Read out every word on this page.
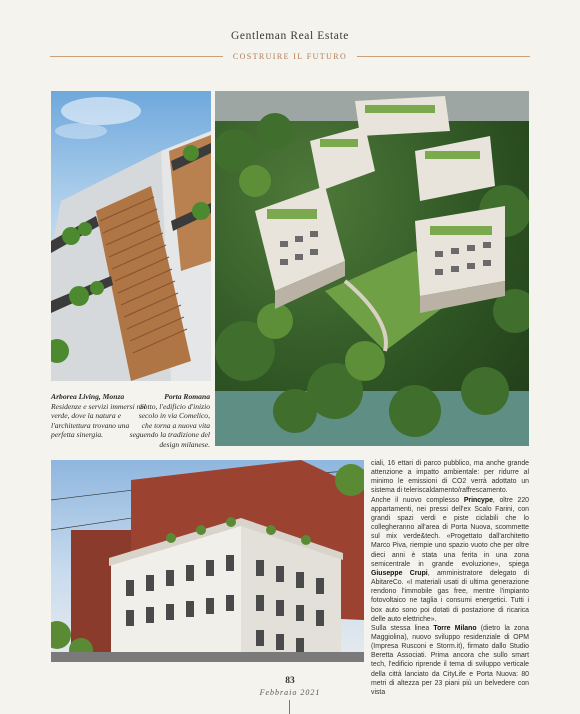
Gentleman Real Estate
COSTRUIRE IL FUTURO
Arborea Living, Monza
Residenze e servizi immersi nel verde, dove la natura e l'architettura trovano una perfetta sinergia.
Porta Romana
Sotto, l'edificio d'inizio secolo in via Comelico, che torna a nuova vita seguendo la tradizione del design milanese.

ciali, 16 ettari di parco pubblico, ma anche grande attenzione a impatto ambientale: per ridurre al minimo le emissioni di CO2 verrà adottato un sistema di teleriscaldamento/raffrescamento.

Anche il nuovo complesso Princype, oltre 220 appartamenti, nei pressi dell'ex Scalo Farini, con grandi spazi verdi e piste ciclabili che lo collegheranno all'area di Porta Nuova, scommette sul mix verde&tech. «Progettato dall'architetto Marco Piva, riempie uno spazio vuoto che per oltre dieci anni è stata una ferita in una zona semicentrale in grande evoluzione», spiega Giuseppe Crupi, amministratore delegato di AbitareCo. «I materiali usati di ultima generazione rendono l'immobile gas free, mentre l'impianto fotovoltaico ne taglia i consumi energetici. Tutti i box auto sono poi dotati di postazione di ricarica delle auto elettriche».

Sulla stessa linea Torre Milano (dietro la zona Maggiolina), nuovo sviluppo residenziale di OPM (Impresa Rusconi e Storm.it), firmato dallo Studio Beretta Associati. Prima ancora che sullo smart tech, l'edificio riprende il tema di sviluppo verticale della città lanciato da CityLife e Porta Nuova: 80 metri di altezza per 23 piani più un belvedere con vista

83
Febbraio 2021
